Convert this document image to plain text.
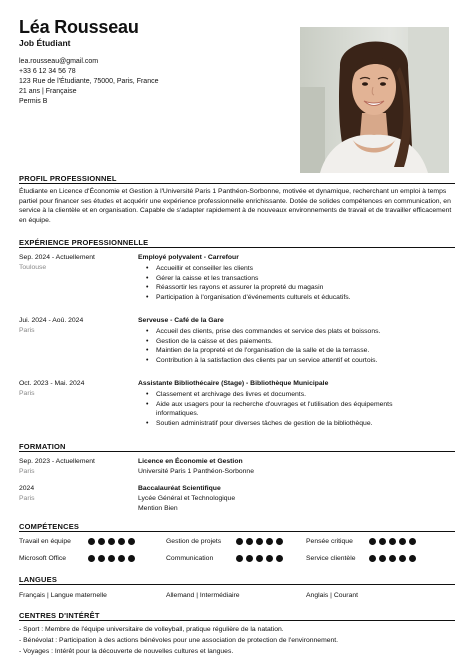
Léa Rousseau
Job Étudiant
lea.rousseau@gmail.com
+33 6 12 34 56 78
123 Rue de l'Étudiante, 75000, Paris, France
21 ans | Française
Permis B
PROFIL PROFESSIONNEL
Étudiante en Licence d'Économie et Gestion à l'Université Paris 1 Panthéon-Sorbonne, motivée et dynamique, recherchant un emploi à temps partiel pour financer ses études et acquérir une expérience professionnelle enrichissante. Dotée de solides compétences en communication, en service à la clientèle et en organisation. Capable de s'adapter rapidement à de nouveaux environnements de travail et de travailler efficacement en équipe.
EXPÉRIENCE PROFESSIONNELLE
Sep. 2024 - Actuellement
Toulouse
Employé polyvalent - Carrefour
• Accueillir et conseiller les clients
• Gérer la caisse et les transactions
• Réassortir les rayons et assurer la propreté du magasin
• Participation à l'organisation d'événements culturels et éducatifs.
Jui. 2024 - Aoû. 2024
Paris
Serveuse - Café de la Gare
• Accueil des clients, prise des commandes et service des plats et boissons.
• Gestion de la caisse et des paiements.
• Maintien de la propreté et de l'organisation de la salle et de la terrasse.
• Contribution à la satisfaction des clients par un service attentif et courtois.
Oct. 2023 - Mai. 2024
Paris
Assistante Bibliothécaire (Stage) - Bibliothèque Municipale
• Classement et archivage des livres et documents.
• Aide aux usagers pour la recherche d'ouvrages et l'utilisation des équipements
informatiques.
• Soutien administratif pour diverses tâches de gestion de la bibliothèque.
FORMATION
Sep. 2023 - Actuellement
Paris
Licence en Économie et Gestion
Université Paris 1 Panthéon-Sorbonne
2024
Paris
Baccalauréat Scientifique
Lycée Général et Technologique
Mention Bien
COMPÉTENCES
Travail en équipe	Gestion de projets	Pensée critique
Microsoft Office	Communication	Service clientèle
LANGUES
Français | Langue maternelle	Allemand | Intermédiaire	Anglais | Courant
CENTRES D'INTÉRÊT
- Sport : Membre de l'équipe universitaire de volleyball, pratique régulière de la natation.
- Bénévolat : Participation à des actions bénévoles pour une association de protection de l'environnement.
- Voyages : Intérêt pour la découverte de nouvelles cultures et langues.
